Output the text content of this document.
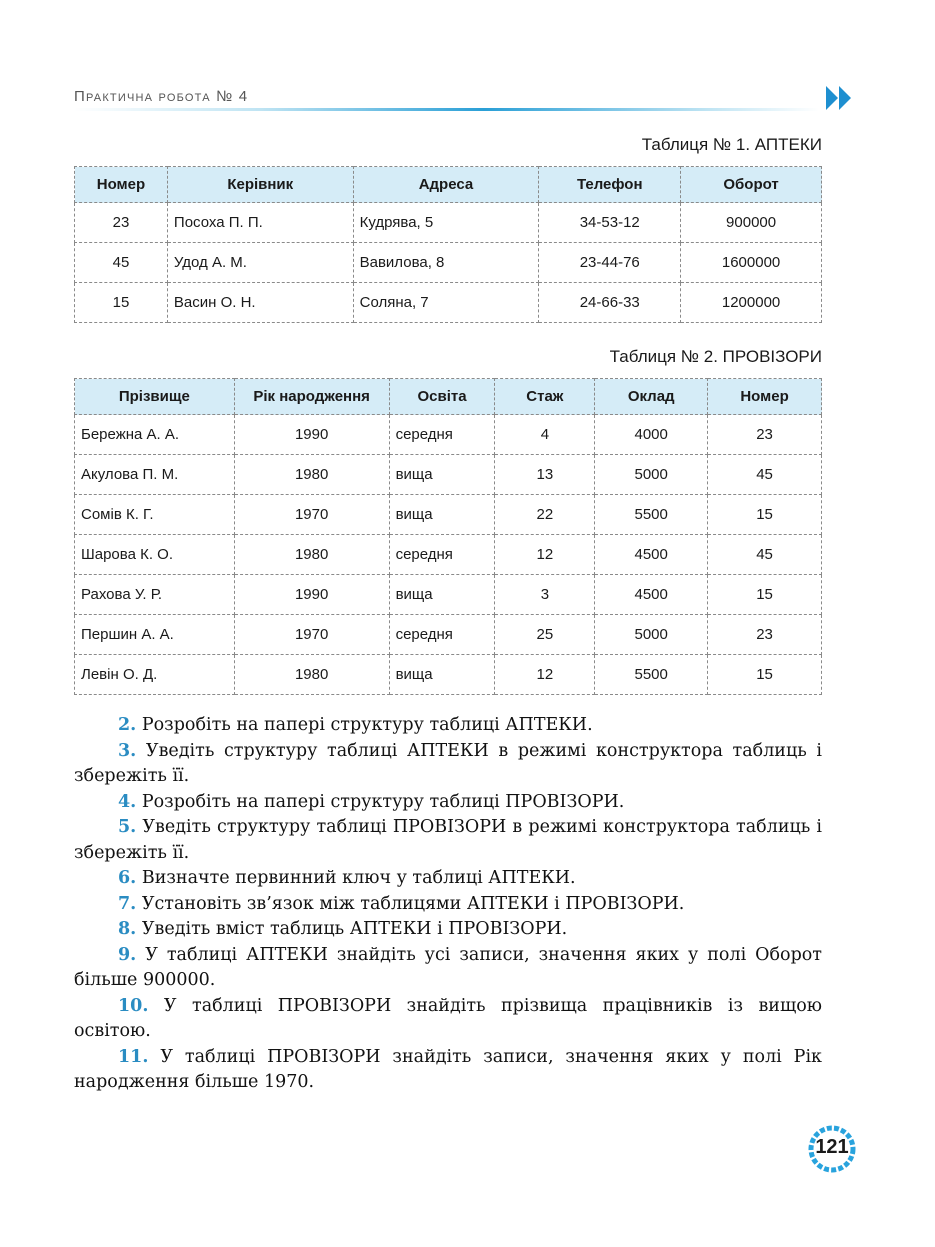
Практична робота № 4
Таблиця № 1. АПТЕКИ
Номер	Керівник	Адреса	Телефон	Оборот
23	Посоха П. П.	Кудрява, 5	34-53-12	900000
45	Удод А. М.	Вавилова, 8	23-44-76	1600000
15	Васин О. Н.	Соляна, 7	24-66-33	1200000
Таблиця № 2. ПРОВІЗОРИ
Прізвище	Рік народження	Освіта	Стаж	Оклад	Номер
Бережна А. А.	1990	середня	4	4000	23
Акулова П. М.	1980	вища	13	5000	45
Сомів К. Г.	1970	вища	22	5500	15
Шарова К. О.	1980	середня	12	4500	45
Рахова У. Р.	1990	вища	3	4500	15
Першин А. А.	1970	середня	25	5000	23
Левін О. Д.	1980	вища	12	5500	15

2. Розробіть на папері структуру таблиці АПТЕКИ.

3. Уведіть структуру таблиці АПТЕКИ в режимі конструктора таблиць і збережіть її.

4. Розробіть на папері структуру таблиці ПРОВІЗОРИ.

5. Уведіть структуру таблиці ПРОВІЗОРИ в режимі конструктора таблиць і збережіть її.

6. Визначте первинний ключ у таблиці АПТЕКИ.

7. Установіть зв’язок між таблицями АПТЕКИ і ПРОВІЗОРИ.

8. Уведіть вміст таблиць АПТЕКИ і ПРОВІЗОРИ.

9. У таблиці АПТЕКИ знайдіть усі записи, значення яких у полі Оборот більше 900000.

10. У таблиці ПРОВІЗОРИ знайдіть прізвища працівників із вищою освітою.

11. У таблиці ПРОВІЗОРИ знайдіть записи, значення яких у полі Рік народження більше 1970.

121
